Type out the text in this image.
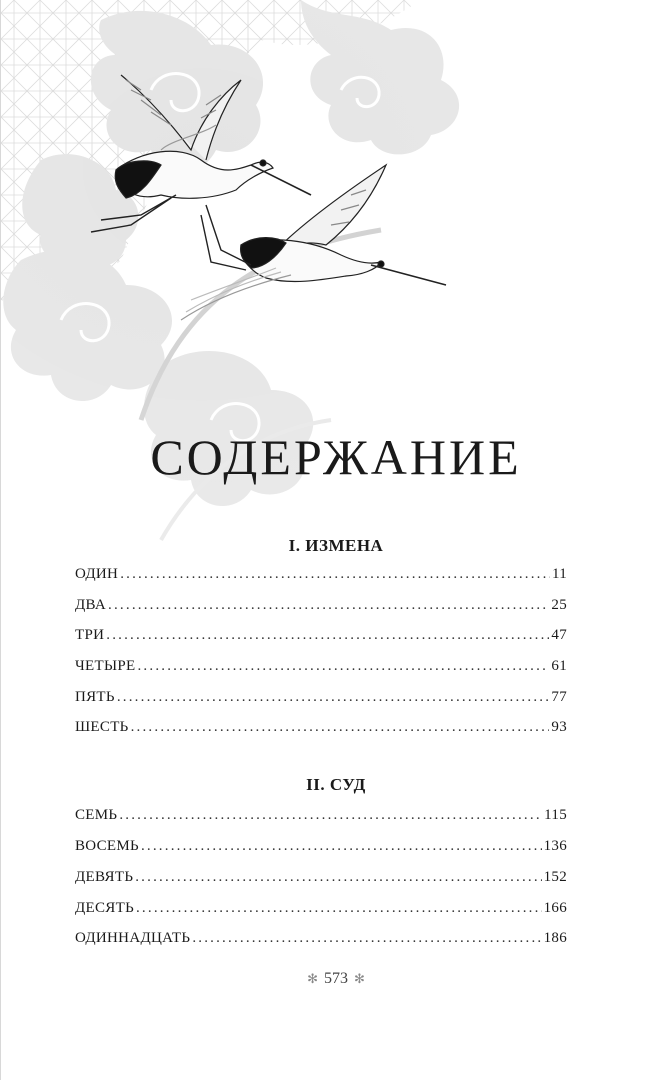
СОДЕРЖАНИЕ
I. ИЗМЕНА
ОДИН .....	11
ДВА .....	25
ТРИ .....	47
ЧЕТЫРЕ .....	61
ПЯТЬ .....	77
ШЕСТЬ .....	93
II. СУД
СЕМЬ .....	115
ВОСЕМЬ .....	136
ДЕВЯТЬ .....	152
ДЕСЯТЬ .....	166
ОДИННАДЦАТЬ .....	186
✻ 573 ✻
